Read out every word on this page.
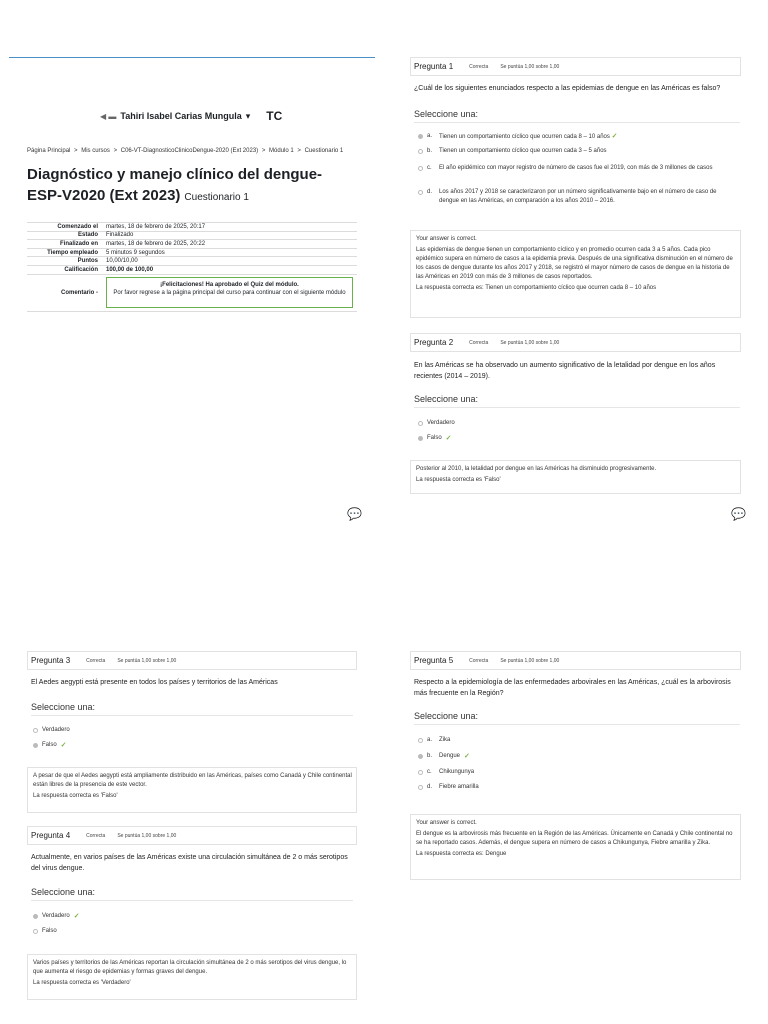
◀ ▬ Tahiri Isabel Carias Mungula ▾ TC
Página Principal > Mis cursos > C06-VT-DiagnosticoClinicoDengue-2020 (Ext 2023) > Módulo 1 > Cuestionario 1
Diagnóstico y manejo clínico del dengue-ESP-V2020 (Ext 2023) Cuestionario 1
Comenzado el	martes, 18 de febrero de 2025, 20:17
Estado	Finalizado
Finalizado en	martes, 18 de febrero de 2025, 20:22
Tiempo empleado	5 minutos 9 segundos
Puntos	10,00/10,00
Calificación	100,00 de 100,00
Comentario -	¡Felicitaciones! Ha aprobado el Quiz del módulo.
Por favor regrese a la página principal del curso para continuar con el siguiente módulo
Pregunta 1	Correcta Se puntúa 1,00 sobre 1,00
¿Cuál de los siguientes enunciados respecto a las epidemias de dengue en las Américas es falso?
Seleccione una:
a.	Tienen un comportamiento cíclico que ocurren cada 8 – 10 años ✓
b.	Tienen un comportamiento cíclico que ocurren cada 3 – 5 años
c.	El año epidémico con mayor registro de número de casos fue el 2019, con más de 3 millones de casos
d.	Los años 2017 y 2018 se caracterizaron por un número significativamente bajo en el número de caso de dengue en las Américas, en comparación a los años 2010 – 2016.

Your answer is correct.

Las epidemias de dengue tienen un comportamiento cíclico y en promedio ocurren cada 3 a 5 años. Cada pico epidémico supera en número de casos a la epidemia previa. Después de una significativa disminución en el número de los casos de dengue durante los años 2017 y 2018, se registró el mayor número de casos de dengue en la historia de las Américas en 2019 con más de 3 millones de casos reportados.

La respuesta correcta es: Tienen un comportamiento cíclico que ocurren cada 8 – 10 años

Pregunta 2	Correcta Se puntúa 1,00 sobre 1,00
En las Américas se ha observado un aumento significativo de la letalidad por dengue en los años recientes (2014 – 2019).
Seleccione una:
Verdadero
Falso ✓

Posterior al 2010, la letalidad por dengue en las Américas ha disminuido progresivamente.

La respuesta correcta es 'Falso'

💬	💬
Pregunta 3	Correcta Se puntúa 1,00 sobre 1,00
El Aedes aegypti está presente en todos los países y territorios de las Américas
Seleccione una:
Verdadero
Falso ✓

A pesar de que el Aedes aegypti está ampliamente distribuido en las Américas, países como Canadá y Chile continental están libres de la presencia de este vector.

La respuesta correcta es 'Falso'

Pregunta 4	Correcta Se puntúa 1,00 sobre 1,00
Actualmente, en varios países de las Américas existe una circulación simultánea de 2 o más serotipos del virus dengue.
Seleccione una:
Verdadero ✓
Falso

Varios países y territorios de las Américas reportan la circulación simultánea de 2 o más serotipos del virus dengue, lo que aumenta el riesgo de epidemias y formas graves del dengue.

La respuesta correcta es 'Verdadero'

Pregunta 5	Correcta Se puntúa 1,00 sobre 1,00
Respecto a la epidemiología de las enfermedades arbovirales en las Américas, ¿cuál es la arbovirosis más frecuente en la Región?
Seleccione una:
a.	Zika
b.	Dengue ✓
c.	Chikungunya
d.	Fiebre amarilla

Your answer is correct.

El dengue es la arbovirosis más frecuente en la Región de las Américas. Únicamente en Canadá y Chile continental no se ha reportado casos. Además, el dengue supera en número de casos a Chikungunya, Fiebre amarilla y Zika.

La respuesta correcta es: Dengue
